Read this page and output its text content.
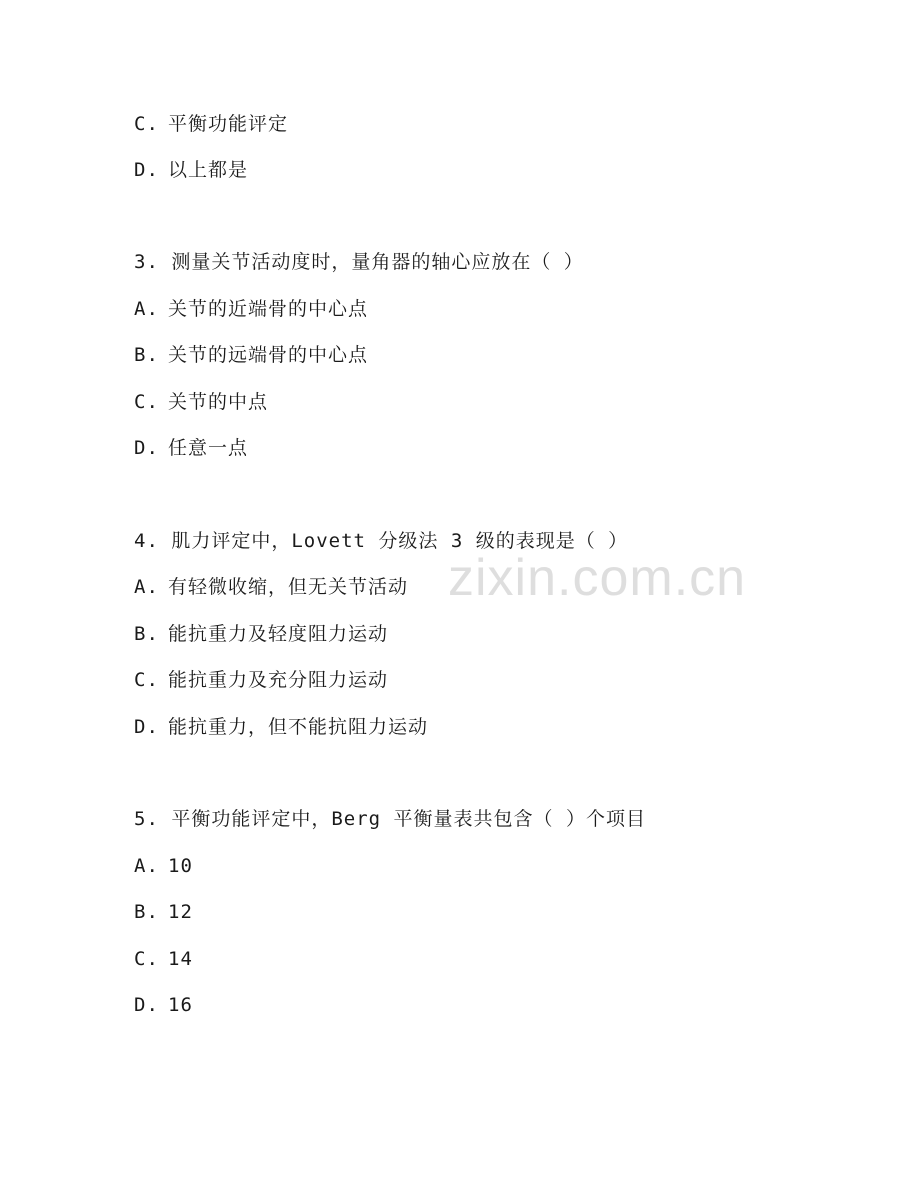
C. 平衡功能评定
D. 以上都是
3. 测量关节活动度时，量角器的轴心应放在（ ）
A. 关节的近端骨的中心点
B. 关节的远端骨的中心点
C. 关节的中点
D. 任意一点
4. 肌力评定中，Lovett 分级法 3 级的表现是（ ）
A. 有轻微收缩，但无关节活动
B. 能抗重力及轻度阻力运动
C. 能抗重力及充分阻力运动
D. 能抗重力，但不能抗阻力运动
5. 平衡功能评定中，Berg 平衡量表共包含（ ）个项目
A. 10
B. 12
C. 14
D. 16
zixin.com.cn
